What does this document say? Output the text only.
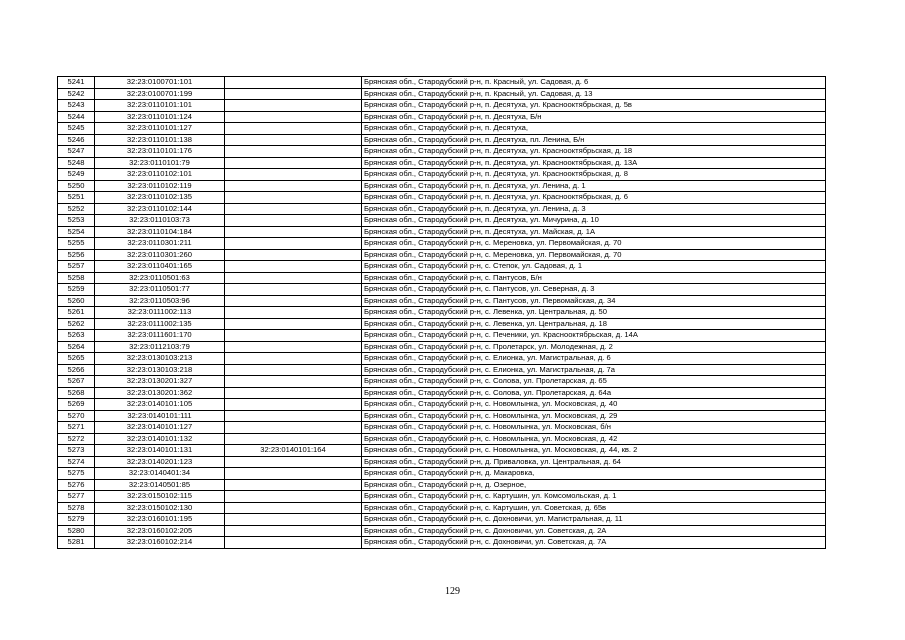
5241	32:23:0100701:101		Брянская обл., Стародубский р-н, п. Красный, ул. Садовая, д. 6
5242	32:23:0100701:199		Брянская обл., Стародубский р-н, п. Красный, ул. Садовая, д. 13
5243	32:23:0110101:101		Брянская обл., Стародубский р-н, п. Десятуха, ул. Краснооктябрьская, д. 5в
5244	32:23:0110101:124		Брянская обл., Стародубский р-н, п. Десятуха, Б/н
5245	32:23:0110101:127		Брянская обл., Стародубский р-н, п. Десятуха,
5246	32:23:0110101:138		Брянская обл., Стародубский р-н, п. Десятуха, пл. Ленина, Б/н
5247	32:23:0110101:176		Брянская обл., Стародубский р-н, п. Десятуха, ул. Краснооктябрьская, д. 18
5248	32:23:0110101:79		Брянская обл., Стародубский р-н, п. Десятуха, ул. Краснооктябрьская, д. 13А
5249	32:23:0110102:101		Брянская обл., Стародубский р-н, п. Десятуха, ул. Краснооктябрьская, д. 8
5250	32:23:0110102:119		Брянская обл., Стародубский р-н, п. Десятуха, ул. Ленина, д. 1
5251	32:23:0110102:135		Брянская обл., Стародубский р-н, п. Десятуха, ул. Краснооктябрьская, д. 6
5252	32:23:0110102:144		Брянская обл., Стародубский р-н, п. Десятуха, ул. Ленина, д. 3
5253	32:23:0110103:73		Брянская обл., Стародубский р-н, п. Десятуха, ул. Мичурина, д. 10
5254	32:23:0110104:184		Брянская обл., Стародубский р-н, п. Десятуха, ул. Майская, д. 1А
5255	32:23:0110301:211		Брянская обл., Стародубский р-н, с. Мереновка, ул. Первомайская, д. 70
5256	32:23:0110301:260		Брянская обл., Стародубский р-н, с. Мереновка, ул. Первомайская, д. 70
5257	32:23:0110401:165		Брянская обл., Стародубский р-н, с. Степок, ул. Садовая, д. 1
5258	32:23:0110501:63		Брянская обл., Стародубский р-н, с. Пантусов, Б/н
5259	32:23:0110501:77		Брянская обл., Стародубский р-н, с. Пантусов, ул. Северная, д. 3
5260	32:23:0110503:96		Брянская обл., Стародубский р-н, с. Пантусов, ул. Первомайская, д. 34
5261	32:23:0111002:113		Брянская обл., Стародубский р-н, с. Левенка, ул. Центральная, д. 50
5262	32:23:0111002:135		Брянская обл., Стародубский р-н, с. Левенка, ул. Центральная, д. 18
5263	32:23:0111601:170		Брянская обл., Стародубский р-н, с. Печеники, ул. Краснооктябрьская, д. 14А
5264	32:23:0112103:79		Брянская обл., Стародубский р-н, с. Пролетарск, ул. Молодежная, д. 2
5265	32:23:0130103:213		Брянская обл., Стародубский р-н, с. Елионка, ул. Магистральная, д. 6
5266	32:23:0130103:218		Брянская обл., Стародубский р-н, с. Елионка, ул. Магистральная, д. 7а
5267	32:23:0130201:327		Брянская обл., Стародубский р-н, с. Солова, ул. Пролетарская, д. 65
5268	32:23:0130201:362		Брянская обл., Стародубский р-н, с. Солова, ул. Пролетарская, д. 64а
5269	32:23:0140101:105		Брянская обл., Стародубский р-н, с. Новомлынка, ул. Московская, д. 40
5270	32:23:0140101:111		Брянская обл., Стародубский р-н, с. Новомлынка, ул. Московская, д. 29
5271	32:23:0140101:127		Брянская обл., Стародубский р-н, с. Новомлынка, ул. Московская, б/н
5272	32:23:0140101:132		Брянская обл., Стародубский р-н, с. Новомлынка, ул. Московская, д. 42
5273	32:23:0140101:131	32:23:0140101:164	Брянская обл., Стародубский р-н, с. Новомлынка, ул. Московская, д. 44, кв. 2
5274	32:23:0140201:123		Брянская обл., Стародубский р-н, д. Приваловка, ул. Центральная, д. 64
5275	32:23:0140401:34		Брянская обл., Стародубский р-н, д. Макаровка,
5276	32:23:0140501:85		Брянская обл., Стародубский р-н, д. Озерное,
5277	32:23:0150102:115		Брянская обл., Стародубский р-н, с. Картушин, ул. Комсомольская, д. 1
5278	32:23:0150102:130		Брянская обл., Стародубский р-н, с. Картушин, ул. Советская, д. 65в
5279	32:23:0160101:195		Брянская обл., Стародубский р-н, с. Дохновичи, ул. Магистральная, д. 11
5280	32:23:0160102:205		Брянская обл., Стародубский р-н, с. Дохновичи, ул. Советская, д. 2А
5281	32:23:0160102:214		Брянская обл., Стародубский р-н, с. Дохновичи, ул. Советская, д. 7А
129
